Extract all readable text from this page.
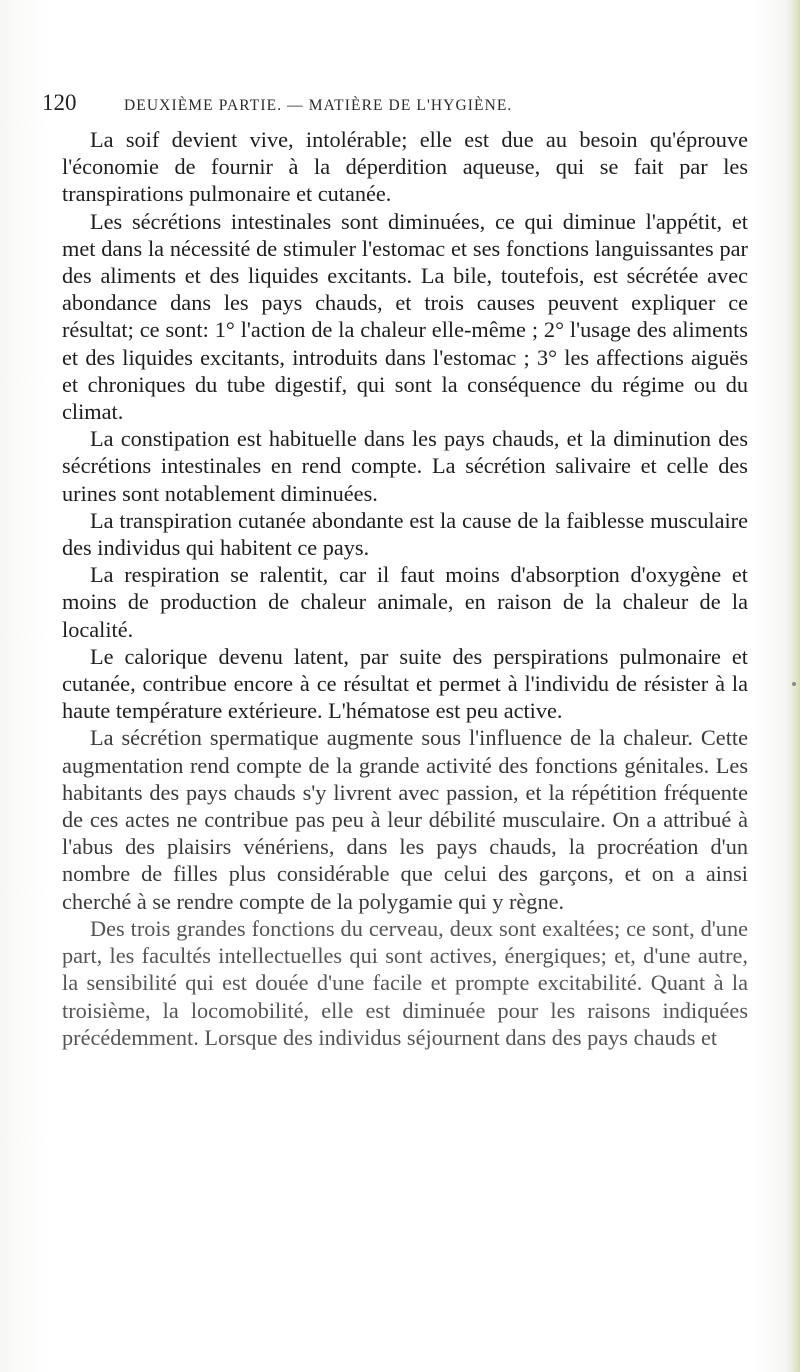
120	DEUXIÈME PARTIE. — MATIÈRE DE L'HYGIÈNE.

La soif devient vive, intolérable; elle est due au besoin qu'éprouve l'économie de fournir à la déperdition aqueuse, qui se fait par les transpirations pulmonaire et cutanée.

Les sécrétions intestinales sont diminuées, ce qui diminue l'appétit, et met dans la nécessité de stimuler l'estomac et ses fonctions languissantes par des aliments et des liquides excitants. La bile, toutefois, est sécrétée avec abondance dans les pays chauds, et trois causes peuvent expliquer ce résultat; ce sont: 1° l'action de la chaleur elle-même ; 2° l'usage des aliments et des liquides excitants, introduits dans l'estomac ; 3° les affections aiguës et chroniques du tube digestif, qui sont la conséquence du régime ou du climat.

La constipation est habituelle dans les pays chauds, et la diminution des sécrétions intestinales en rend compte. La sécrétion salivaire et celle des urines sont notablement diminuées.

La transpiration cutanée abondante est la cause de la faiblesse musculaire des individus qui habitent ce pays.

La respiration se ralentit, car il faut moins d'absorption d'oxygène et moins de production de chaleur animale, en raison de la chaleur de la localité.

Le calorique devenu latent, par suite des perspirations pulmonaire et cutanée, contribue encore à ce résultat et permet à l'individu de résister à la haute température extérieure. L'hématose est peu active.

La sécrétion spermatique augmente sous l'influence de la chaleur. Cette augmentation rend compte de la grande activité des fonctions génitales. Les habitants des pays chauds s'y livrent avec passion, et la répétition fréquente de ces actes ne contribue pas peu à leur débilité musculaire. On a attribué à l'abus des plaisirs vénériens, dans les pays chauds, la procréation d'un nombre de filles plus considérable que celui des garçons, et on a ainsi cherché à se rendre compte de la polygamie qui y règne.

Des trois grandes fonctions du cerveau, deux sont exaltées; ce sont, d'une part, les facultés intellectuelles qui sont actives, énergiques; et, d'une autre, la sensibilité qui est douée d'une facile et prompte excitabilité. Quant à la troisième, la locomobilité, elle est diminuée pour les raisons indiquées précédemment. Lorsque des individus séjournent dans des pays chauds et
